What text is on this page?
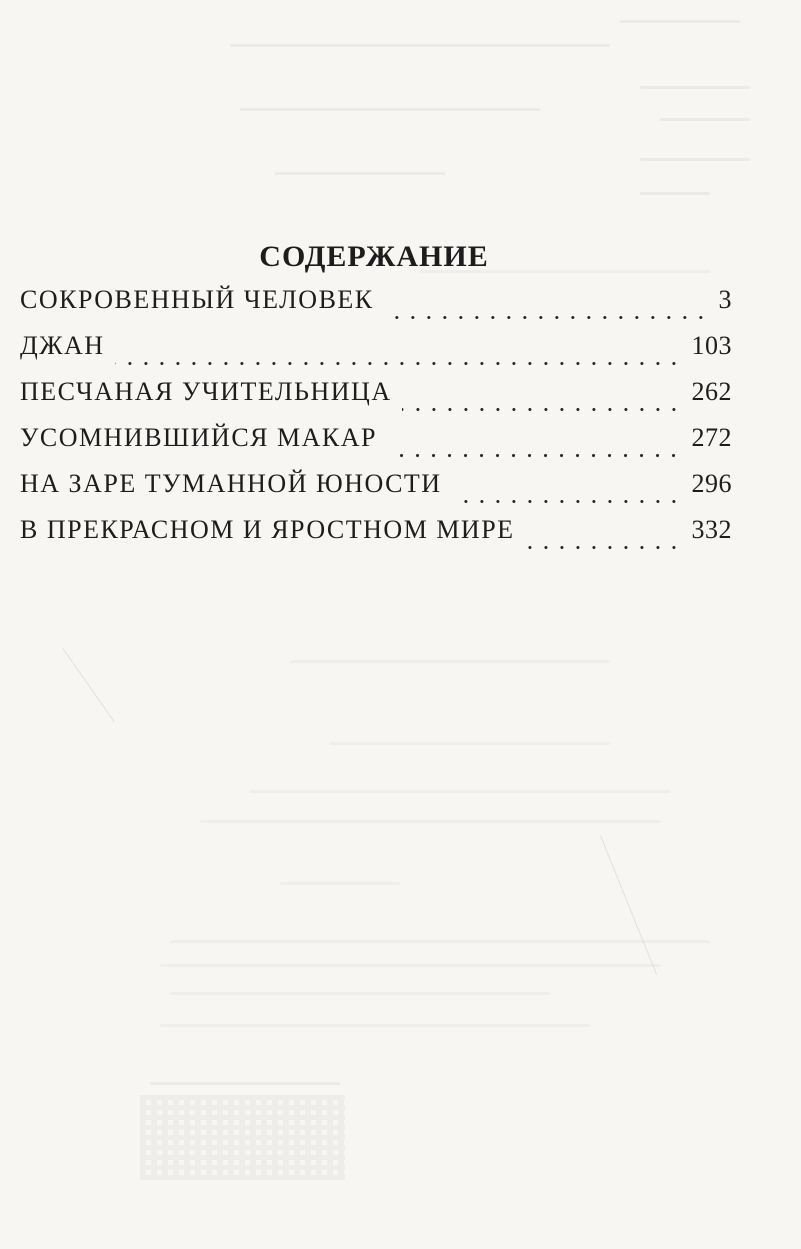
СОДЕРЖАНИЕ
СОКРОВЕННЫЙ ЧЕЛОВЕК	3
ДЖАН	103
ПЕСЧАНАЯ УЧИТЕЛЬНИЦА	262
УСОМНИВШИЙСЯ МАКАР	272
НА ЗАРЕ ТУМАННОЙ ЮНОСТИ	296
В ПРЕКРАСНОМ И ЯРОСТНОМ МИРЕ	332
